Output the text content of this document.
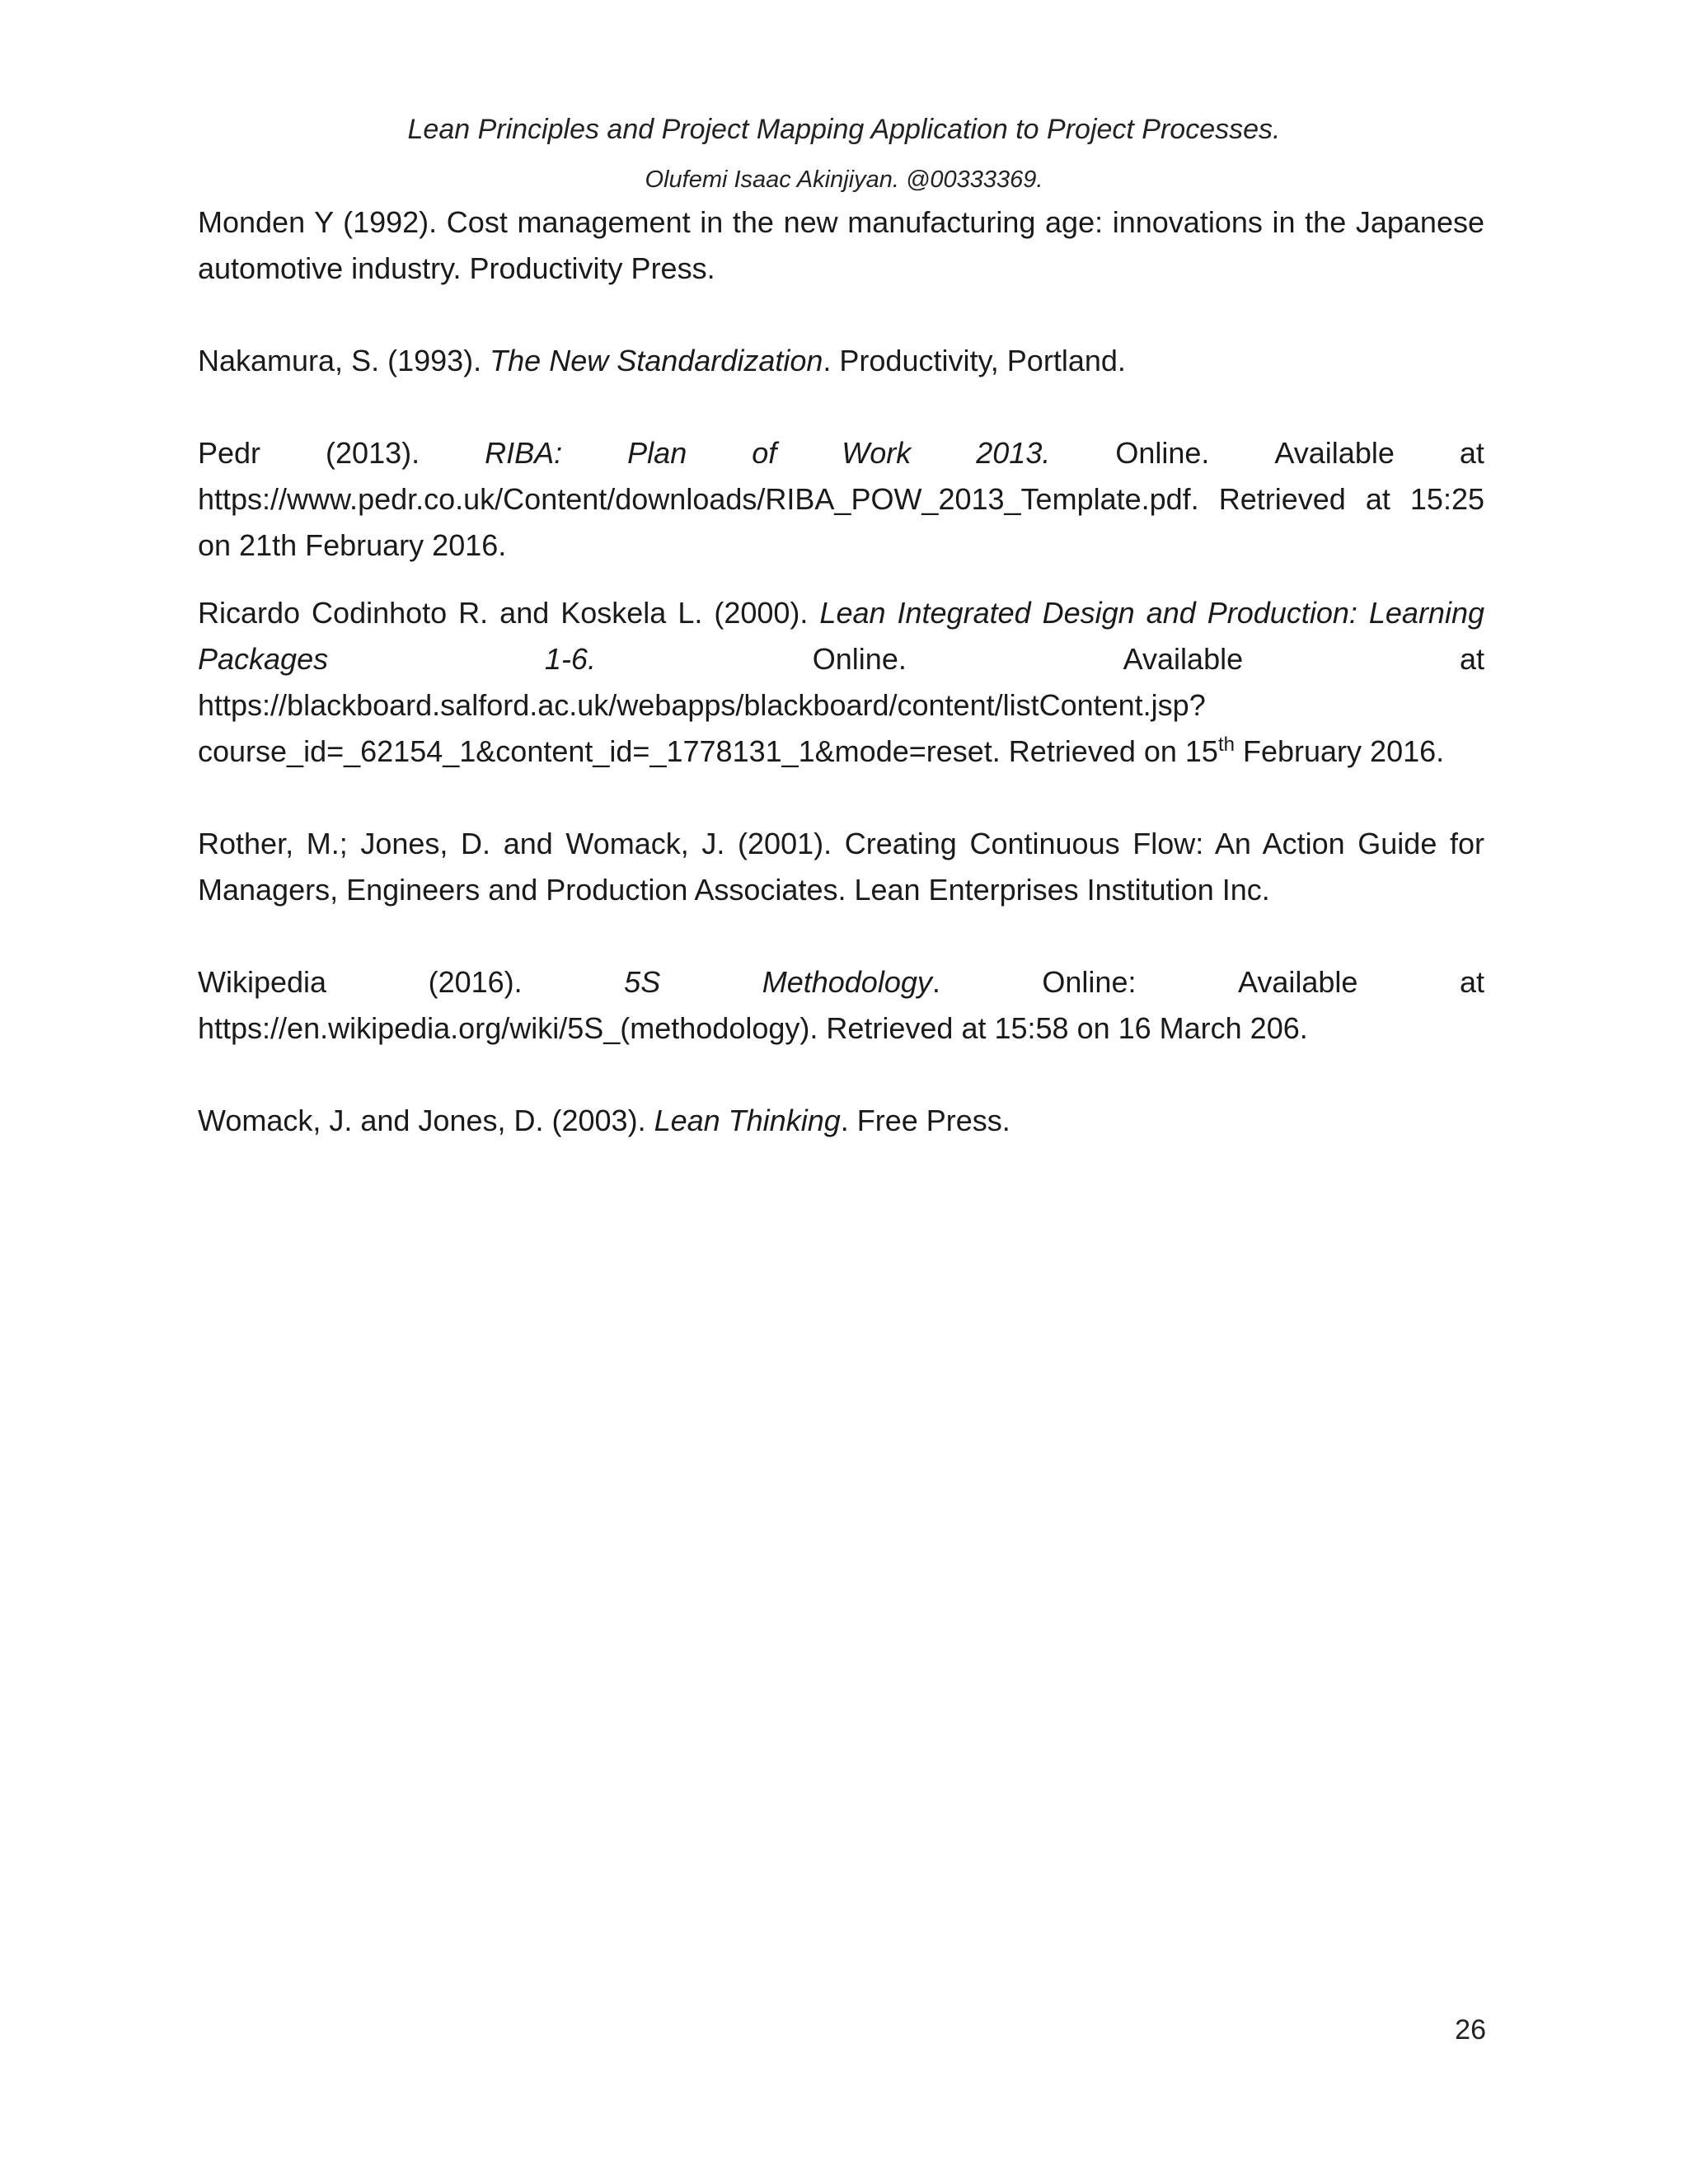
Lean Principles and Project Mapping Application to Project Processes.
Olufemi Isaac Akinjiyan. @00333369.

Monden Y (1992). Cost management in the new manufacturing age: innovations in the Japanese automotive industry. Productivity Press.

Nakamura, S. (1993). The New Standardization. Productivity, Portland.

Pedr (2013). RIBA: Plan of Work 2013. Online. Available at
https://www.pedr.co.uk/Content/downloads/RIBA_POW_2013_Template.pdf. Retrieved at 15:25 on 21th February 2016.
Ricardo Codinhoto R. and Koskela L. (2000). Lean Integrated Design and Production: Learning
Packages	1-6.	Online.	Available	at
https://blackboard.salford.ac.uk/webapps/blackboard/content/listContent.jsp?course_id=_62154_1&content_id=_1778131_1&mode=reset. Retrieved on 15th February 2016.

Rother, M.; Jones, D. and Womack, J. (2001). Creating Continuous Flow: An Action Guide for Managers, Engineers and Production Associates. Lean Enterprises Institution Inc.

Wikipedia	(2016).	5S	Methodology.	Online:	Available	at
https://en.wikipedia.org/wiki/5S_(methodology). Retrieved at 15:58 on 16 March 206.

Womack, J. and Jones, D. (2003). Lean Thinking. Free Press.

26
